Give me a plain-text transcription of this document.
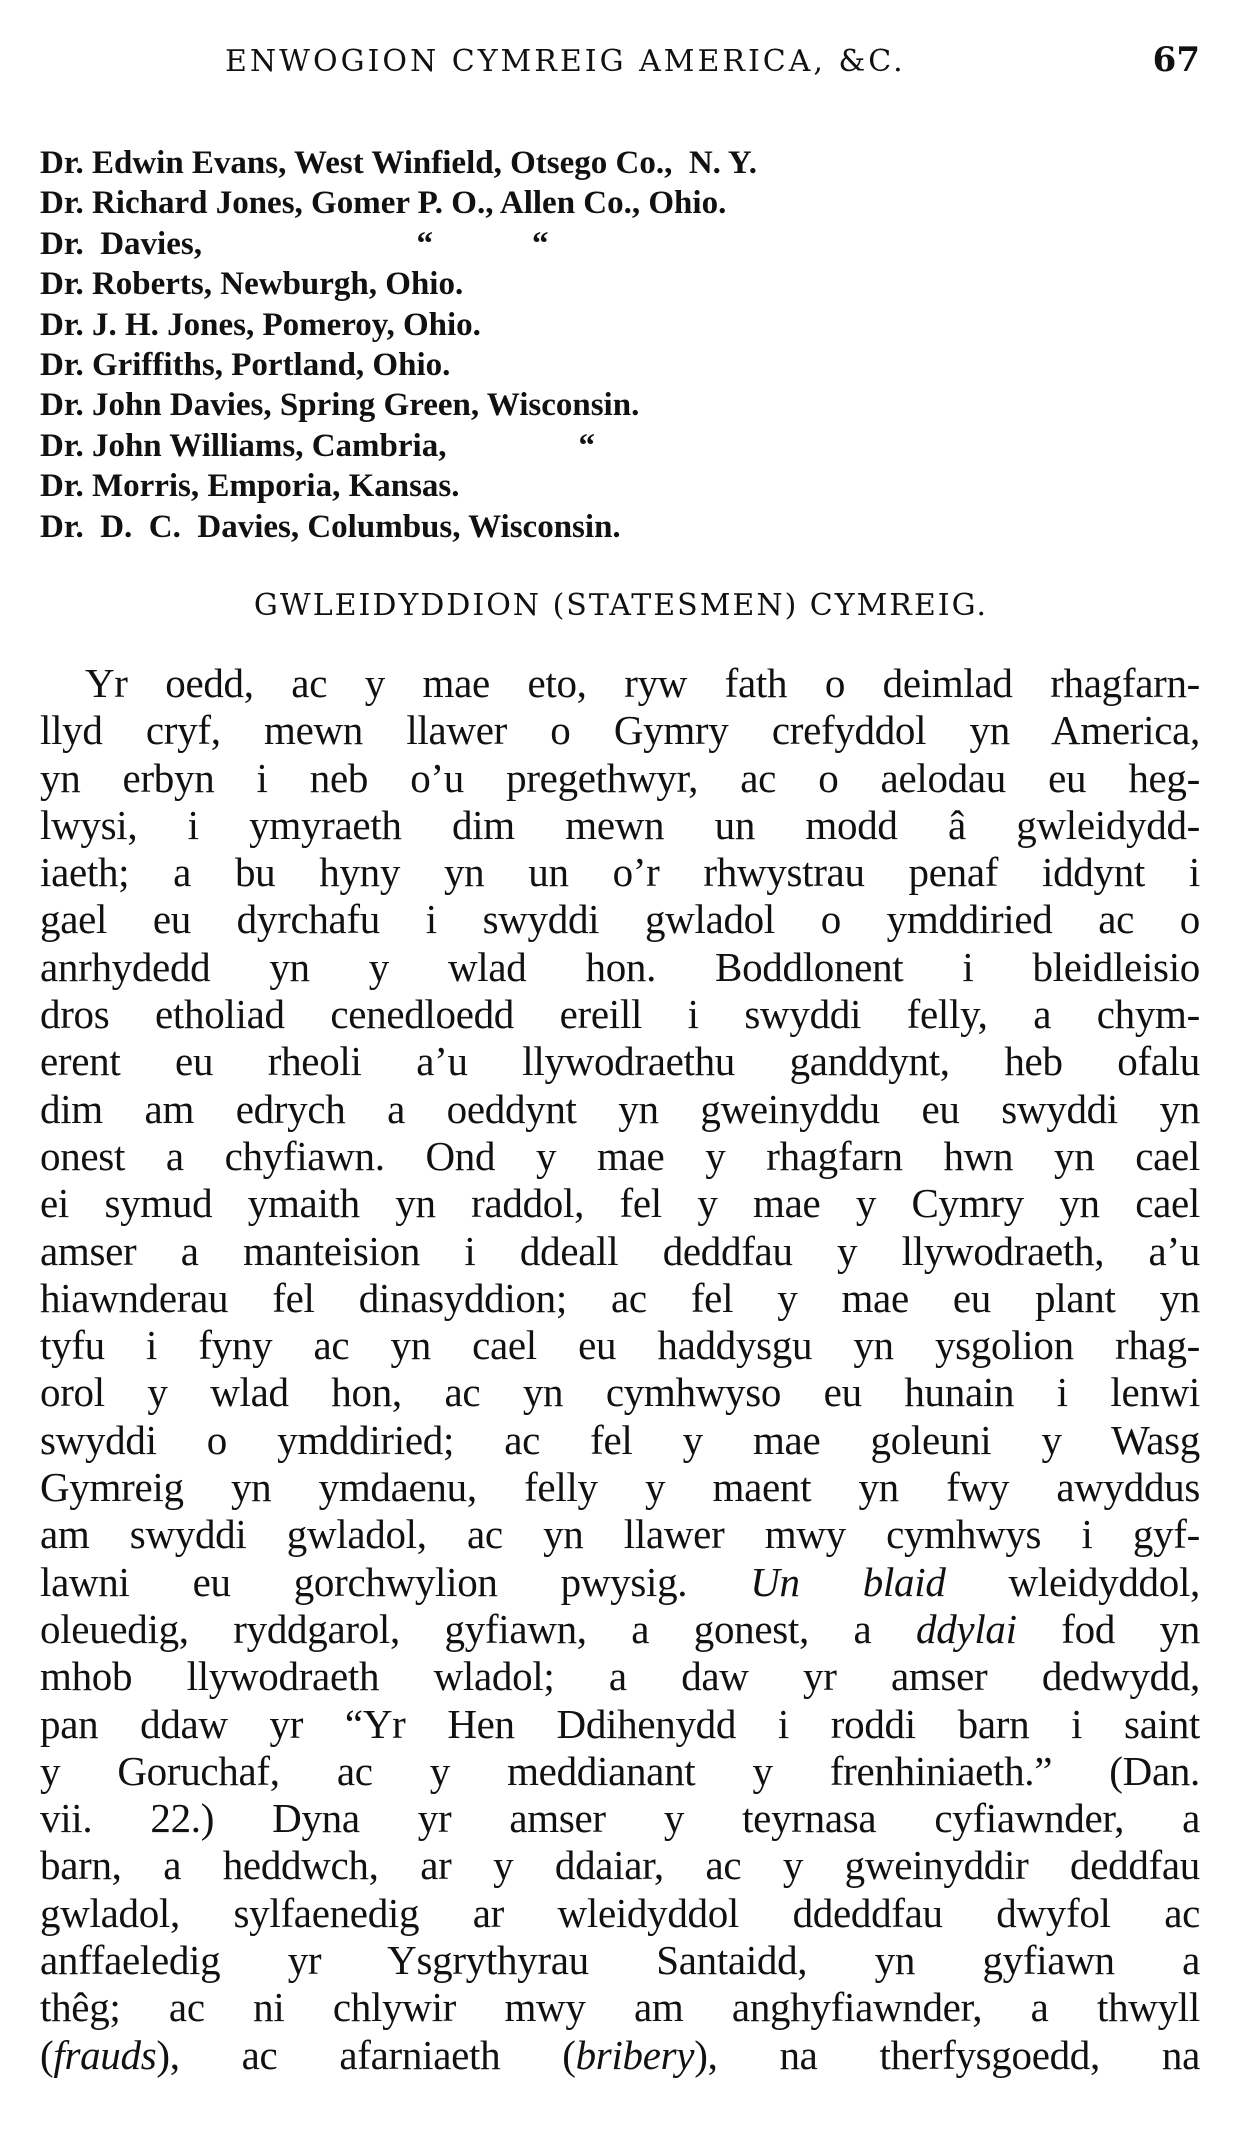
ENWOGION CYMREIG AMERICA, &C.	67
Dr. Edwin Evans, West Winfield, Otsego Co.,  N. Y.
Dr. Richard Jones, Gomer P. O., Allen Co., Ohio.
Dr.  Davies,                          “            “
Dr. Roberts, Newburgh, Ohio.
Dr. J. H. Jones, Pomeroy, Ohio.
Dr. Griffiths, Portland, Ohio.
Dr. John Davies, Spring Green, Wisconsin.
Dr. John Williams, Cambria,                “
Dr. Morris, Emporia, Kansas.
Dr.  D.  C.  Davies, Columbus, Wisconsin.
GWLEIDYDDION (STATESMEN) CYMREIG.
Yr oedd, ac y mae eto, ryw fath o deimlad rhagfarn-
llyd cryf, mewn llawer o Gymry crefyddol yn America,
yn erbyn i neb o’u pregethwyr, ac o aelodau eu heg-
lwysi, i ymyraeth dim mewn un modd â gwleidydd-
iaeth; a bu hyny yn un o’r rhwystrau penaf iddynt i
gael eu dyrchafu i swyddi gwladol o ymddiried ac o
anrhydedd yn y wlad hon. Boddlonent i bleidleisio
dros etholiad cenedloedd ereill i swyddi felly, a chym-
erent eu rheoli a’u llywodraethu ganddynt, heb ofalu
dim am edrych a oeddynt yn gweinyddu eu swyddi yn
onest a chyfiawn. Ond y mae y rhagfarn hwn yn cael
ei symud ymaith yn raddol, fel y mae y Cymry yn cael
amser a manteision i ddeall deddfau y llywodraeth, a’u
hiawnderau fel dinasyddion; ac fel y mae eu plant yn
tyfu i fyny ac yn cael eu haddysgu yn ysgolion rhag-
orol y wlad hon, ac yn cymhwyso eu hunain i lenwi
swyddi o ymddiried; ac fel y mae goleuni y Wasg
Gymreig yn ymdaenu, felly y maent yn fwy awyddus
am swyddi gwladol, ac yn llawer mwy cymhwys i gyf-
lawni eu gorchwylion pwysig. Un blaid wleidyddol,
oleuedig, ryddgarol, gyfiawn, a gonest, a ddylai fod yn
mhob llywodraeth wladol; a daw yr amser dedwydd,
pan ddaw yr “Yr Hen Ddihenydd i roddi barn i saint
y Goruchaf, ac y meddianant y frenhiniaeth.” (Dan.
vii. 22.) Dyna yr amser y teyrnasa cyfiawnder, a
barn, a heddwch, ar y ddaiar, ac y gweinyddir deddfau
gwladol, sylfaenedig ar wleidyddol ddeddfau dwyfol ac
anffaeledig yr Ysgrythyrau Santaidd, yn gyfiawn a
thêg; ac ni chlywir mwy am anghyfiawnder, a thwyll
(frauds), ac afarniaeth (bribery), na therfysgoedd, na
